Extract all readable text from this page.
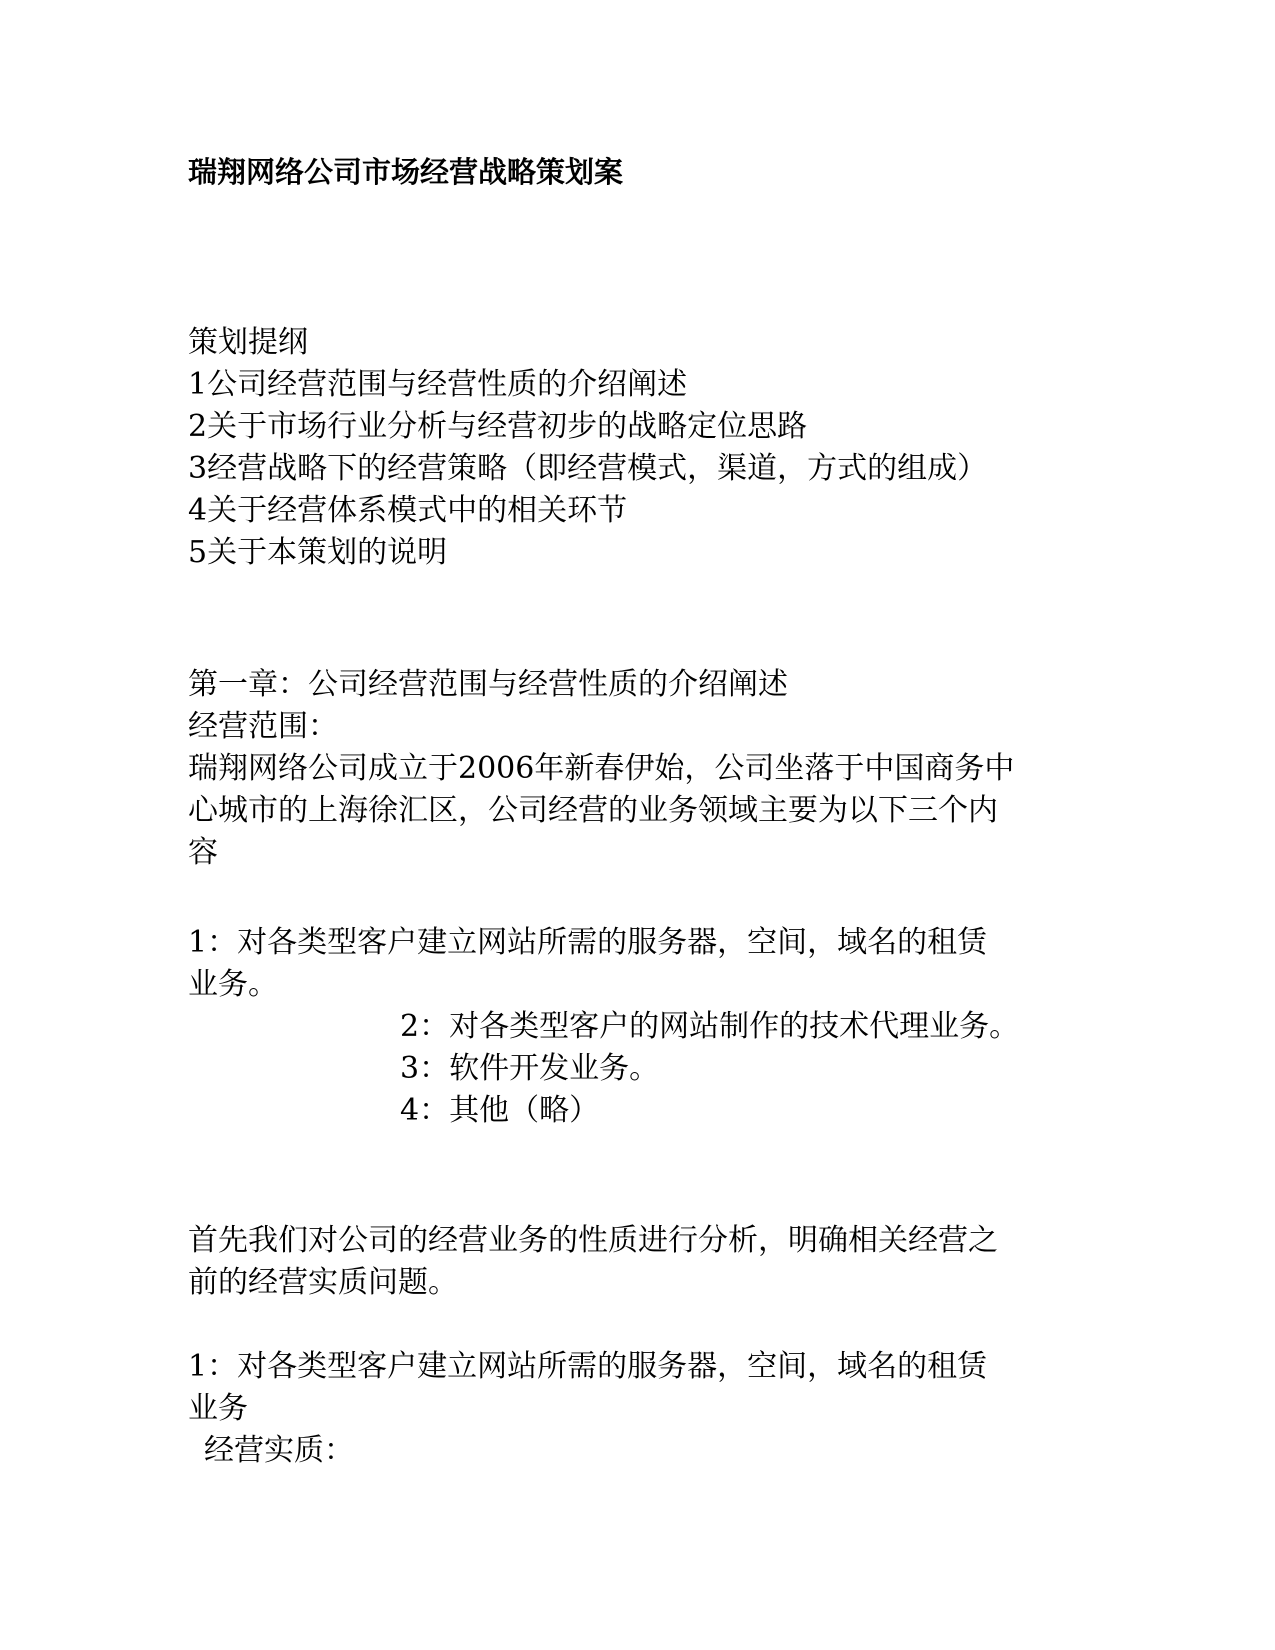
瑞翔网络公司市场经营战略策划案
策划提纲
1公司经营范围与经营性质的介绍阐述
2关于市场行业分析与经营初步的战略定位思路
3经营战略下的经营策略（即经营模式，渠道，方式的组成）
4关于经营体系模式中的相关环节
5关于本策划的说明
第一章：公司经营范围与经营性质的介绍阐述
经营范围：
瑞翔网络公司成立于2006年新春伊始，公司坐落于中国商务中
心城市的上海徐汇区，公司经营的业务领域主要为以下三个内
容
1：对各类型客户建立网站所需的服务器，空间，域名的租赁
业务。
2：对各类型客户的网站制作的技术代理业务。
3：软件开发业务。
4：其他（略）
首先我们对公司的经营业务的性质进行分析，明确相关经营之
前的经营实质问题。
1：对各类型客户建立网站所需的服务器，空间，域名的租赁
业务
经营实质：
